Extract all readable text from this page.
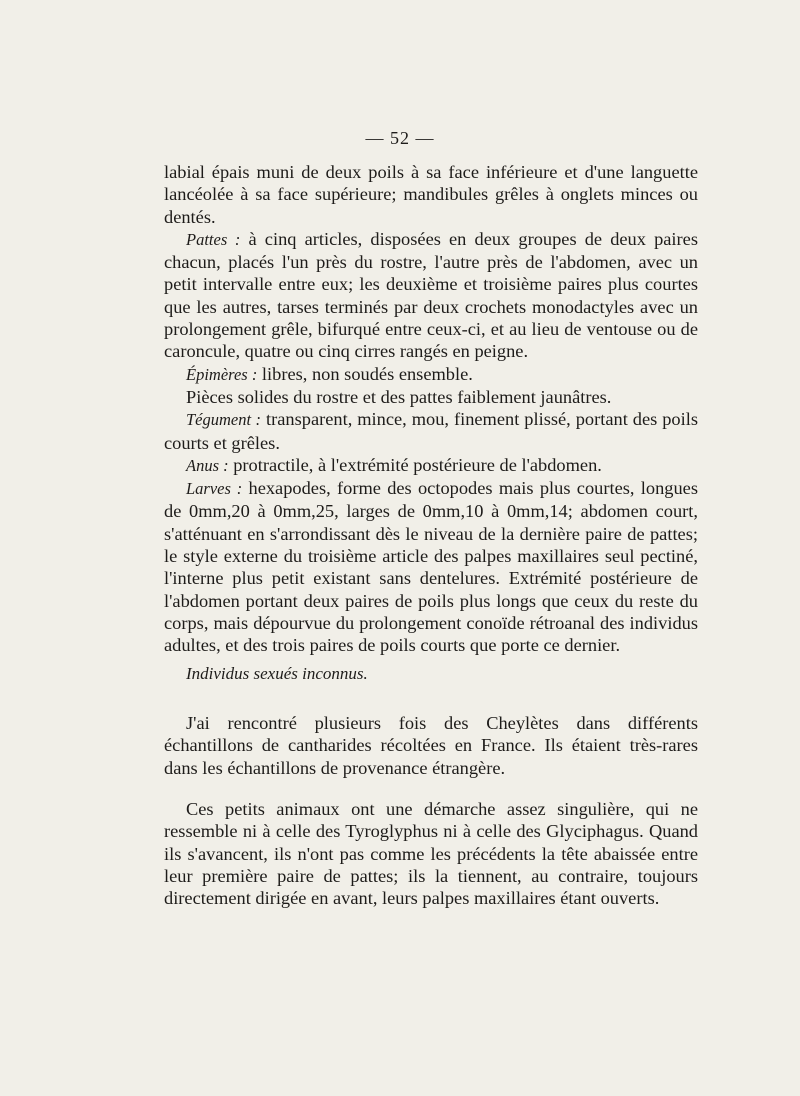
— 52 —

labial épais muni de deux poils à sa face inférieure et d'une languette lancéolée à sa face supérieure; mandibules grêles à onglets minces ou dentés.

Pattes : à cinq articles, disposées en deux groupes de deux paires chacun, placés l'un près du rostre, l'autre près de l'abdomen, avec un petit intervalle entre eux; les deuxième et troisième paires plus courtes que les autres, tarses terminés par deux crochets monodactyles avec un prolongement grêle, bifurqué entre ceux-ci, et au lieu de ventouse ou de caroncule, quatre ou cinq cirres rangés en peigne.

Épimères : libres, non soudés ensemble.

Pièces solides du rostre et des pattes faiblement jaunâtres.

Tégument : transparent, mince, mou, finement plissé, portant des poils courts et grêles.

Anus : protractile, à l'extrémité postérieure de l'abdomen.

Larves : hexapodes, forme des octopodes mais plus courtes, longues de 0mm,20 à 0mm,25, larges de 0mm,10 à 0mm,14; abdomen court, s'atténuant en s'arrondissant dès le niveau de la dernière paire de pattes; le style externe du troisième article des palpes maxillaires seul pectiné, l'interne plus petit existant sans dentelures. Extrémité postérieure de l'abdomen portant deux paires de poils plus longs que ceux du reste du corps, mais dépourvue du prolongement conoïde rétroanal des individus adultes, et des trois paires de poils courts que porte ce dernier.

Individus sexués inconnus.

J'ai rencontré plusieurs fois des Cheylètes dans différents échantillons de cantharides récoltées en France. Ils étaient très-rares dans les échantillons de provenance étrangère.

Ces petits animaux ont une démarche assez singulière, qui ne ressemble ni à celle des Tyroglyphus ni à celle des Glyciphagus. Quand ils s'avancent, ils n'ont pas comme les précédents la tête abaissée entre leur première paire de pattes; ils la tiennent, au contraire, toujours directement dirigée en avant, leurs palpes maxillaires étant ouverts.
